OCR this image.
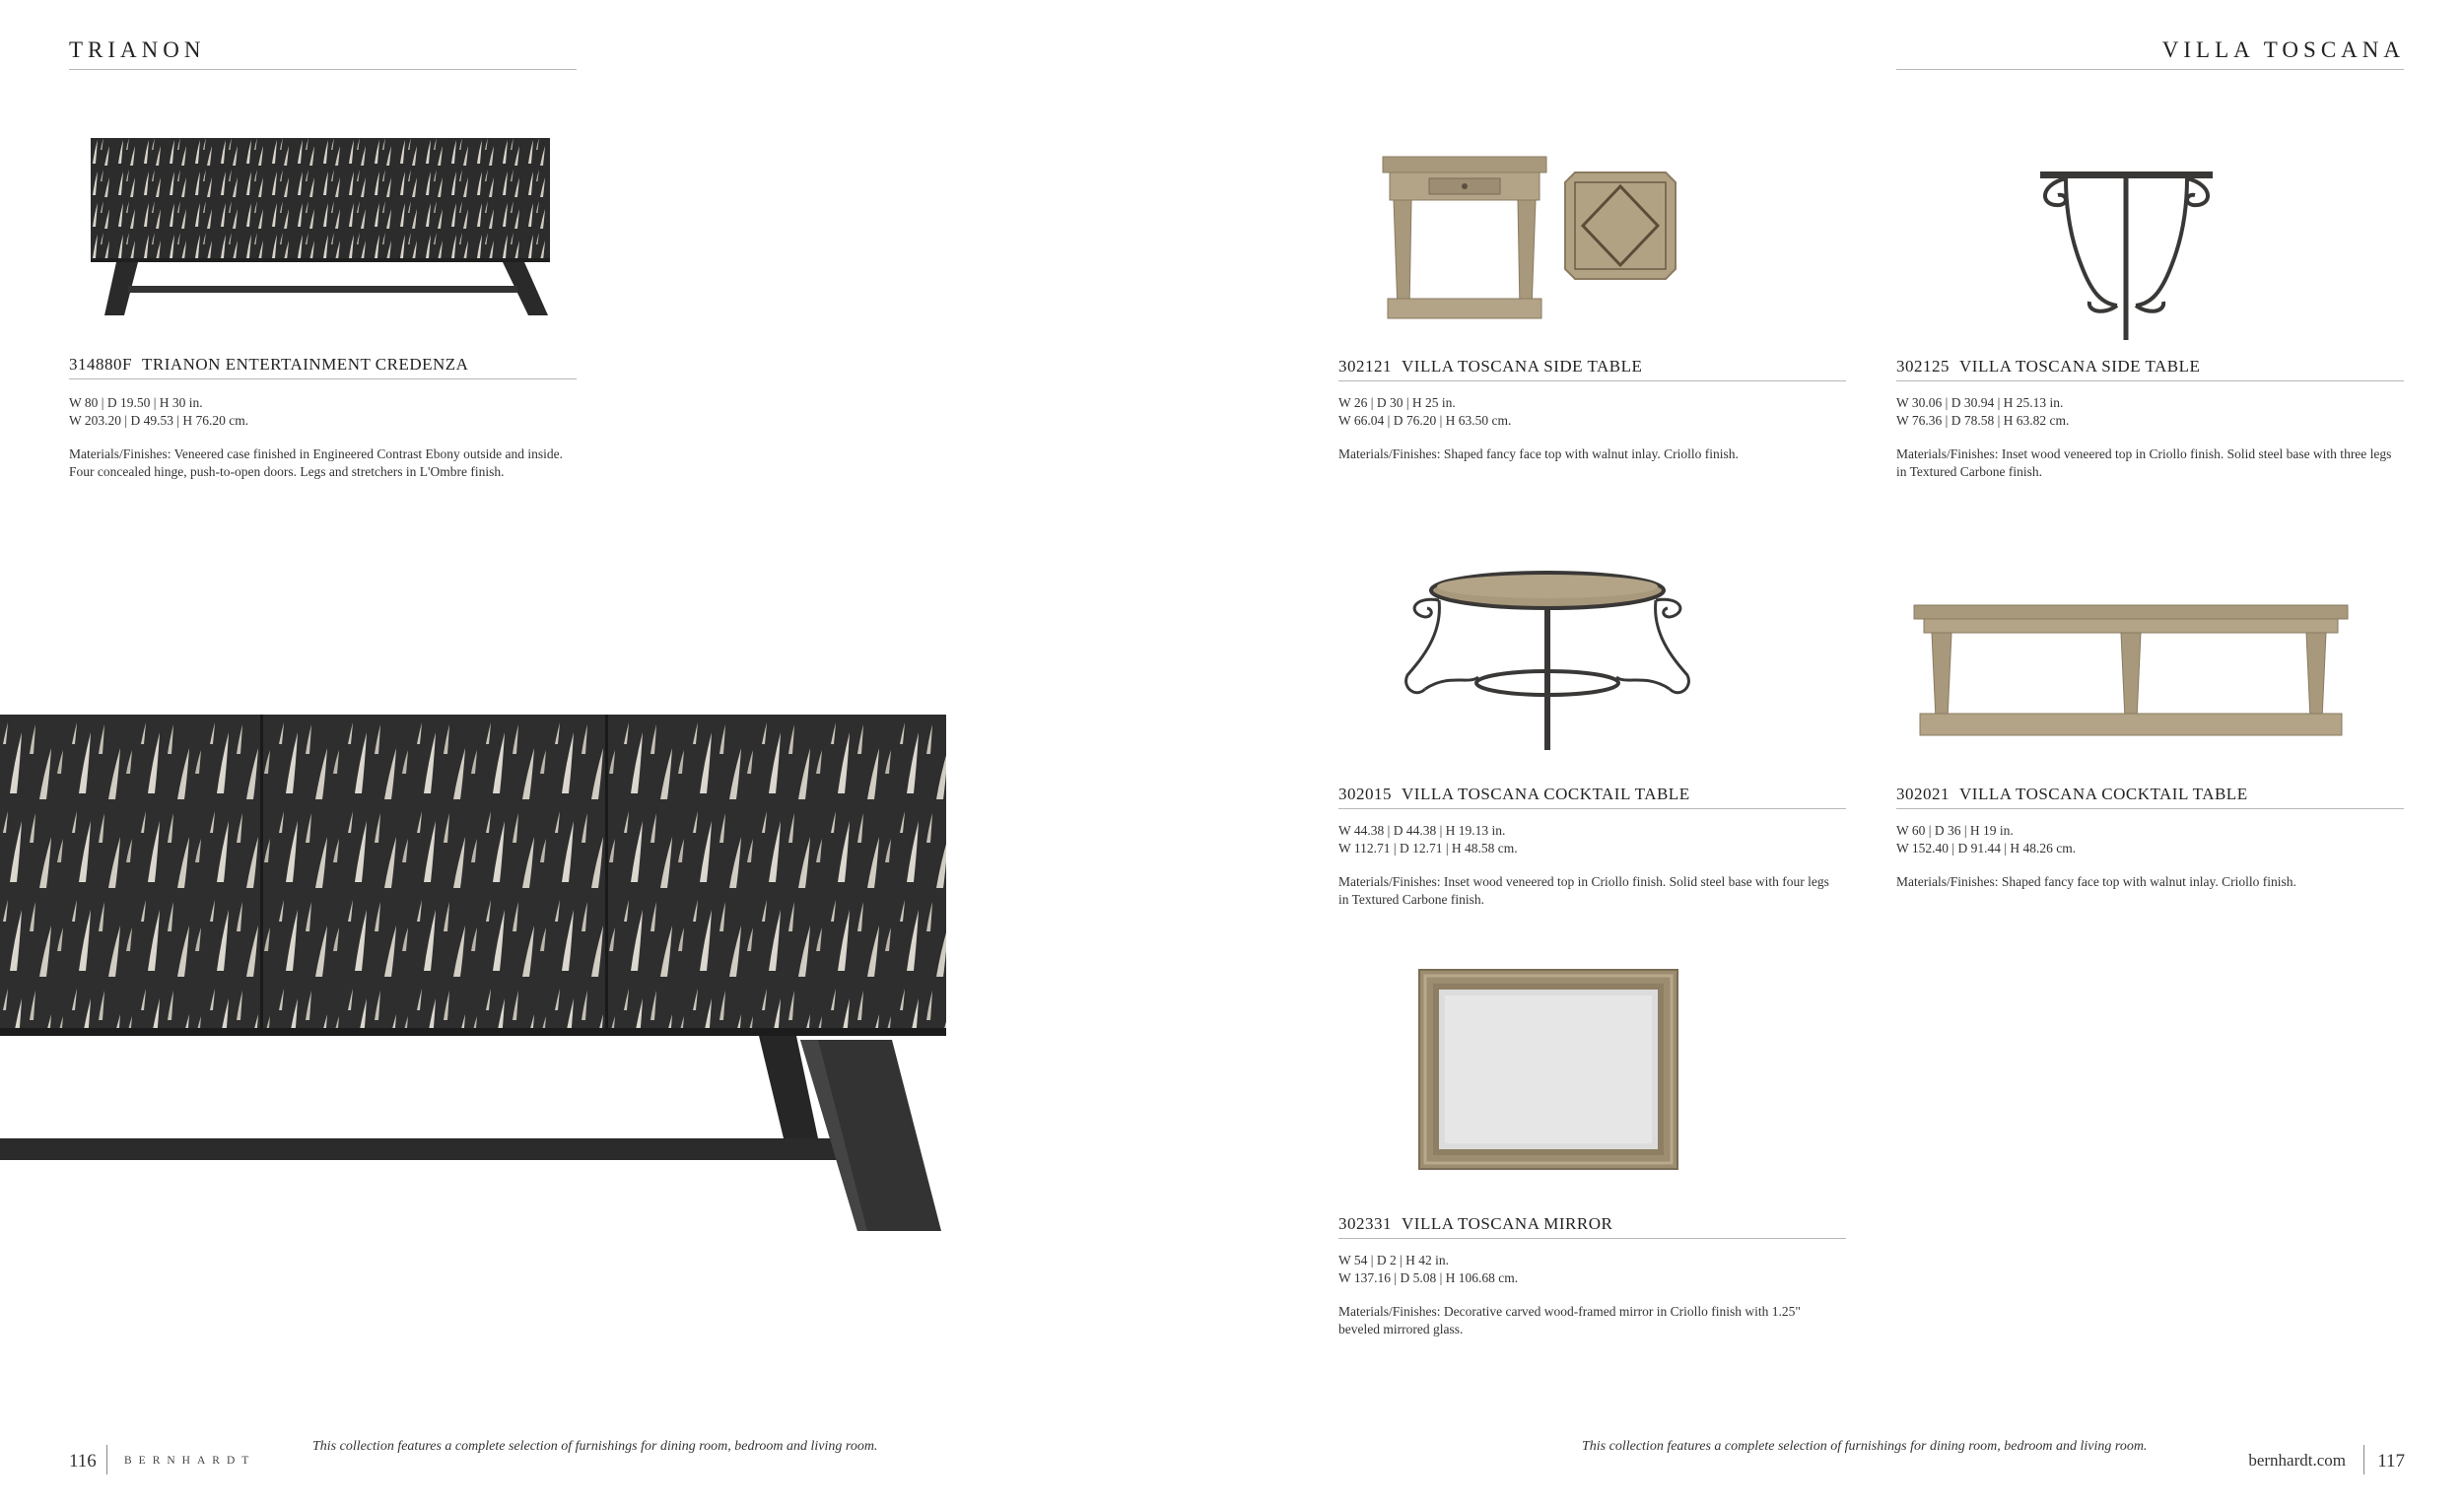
TRIANON
314880F TRIANON ENTERTAINMENT CREDENZA
W 80 | D 19.50 | H 30 in.
W 203.20 | D 49.53 | H 76.20 cm.
Materials/Finishes: Veneered case finished in Engineered Contrast Ebony outside and inside. Four concealed hinge, push-to-open doors. Legs and stretchers in L'Ombre finish.
116 BERNHARDT
This collection features a complete selection of furnishings for dining room, bedroom and living room.
VILLA TOSCANA
302121 VILLA TOSCANA SIDE TABLE
W 26 | D 30 | H 25 in.
W 66.04 | D 76.20 | H 63.50 cm.
Materials/Finishes: Shaped fancy face top with walnut inlay. Criollo finish.
302125 VILLA TOSCANA SIDE TABLE
W 30.06 | D 30.94 | H 25.13 in.
W 76.36 | D 78.58 | H 63.82 cm.
Materials/Finishes: Inset wood veneered top in Criollo finish. Solid steel base with three legs in Textured Carbone finish.
302015 VILLA TOSCANA COCKTAIL TABLE
W 44.38 | D 44.38 | H 19.13 in.
W 112.71 | D 12.71 | H 48.58 cm.
Materials/Finishes: Inset wood veneered top in Criollo finish. Solid steel base with four legs in Textured Carbone finish.
302021 VILLA TOSCANA COCKTAIL TABLE
W 60 | D 36 | H 19 in.
W 152.40 | D 91.44 | H 48.26 cm.
Materials/Finishes: Shaped fancy face top with walnut inlay. Criollo finish.
302331 VILLA TOSCANA MIRROR
W 54 | D 2 | H 42 in.
W 137.16 | D 5.08 | H 106.68 cm.
Materials/Finishes: Decorative carved wood-framed mirror in Criollo finish with 1.25" beveled mirrored glass.
This collection features a complete selection of furnishings for dining room, bedroom and living room.
bernhardt.com 117
